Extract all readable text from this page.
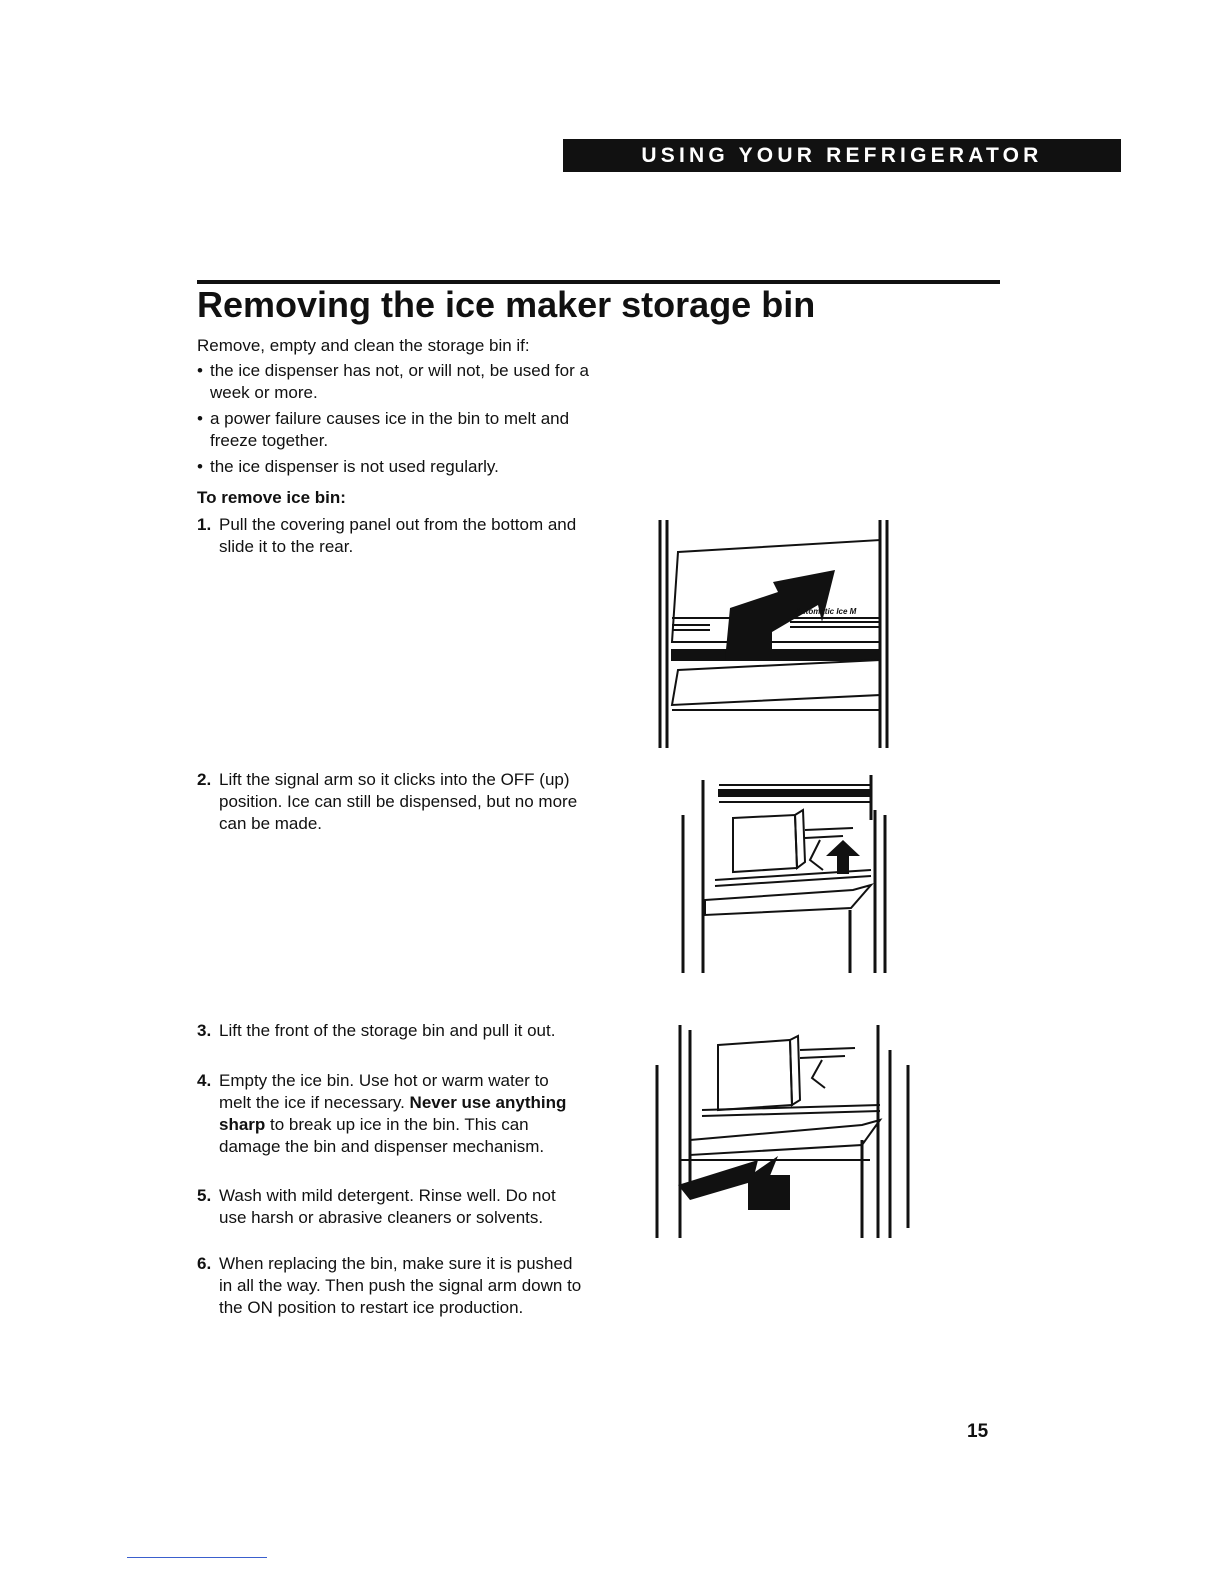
USING YOUR REFRIGERATOR
Removing the ice maker storage bin

Remove, empty and clean the storage bin if:

• the ice dispenser has not, or will not, be used for a week or more.
• a power failure causes ice in the bin to melt and freeze together.
• the ice dispenser is not used regularly.

To remove ice bin:

1. Pull the covering panel out from the bottom and slide it to the rear.
2. Lift the signal arm so it clicks into the OFF (up) position. Ice can still be dispensed, but no more can be made.
3. Lift the front of the storage bin and pull it out.
4. Empty the ice bin. Use hot or warm water to melt the ice if necessary. Never use anything sharp to break up ice in the bin. This can damage the bin and dispenser mechanism.
5. Wash with mild detergent. Rinse well. Do not use harsh or abrasive cleaners or solvents.
6. When replacing the bin, make sure it is pushed in all the way. Then push the signal arm down to the ON position to restart ice production.
Automatic Ice M
15
